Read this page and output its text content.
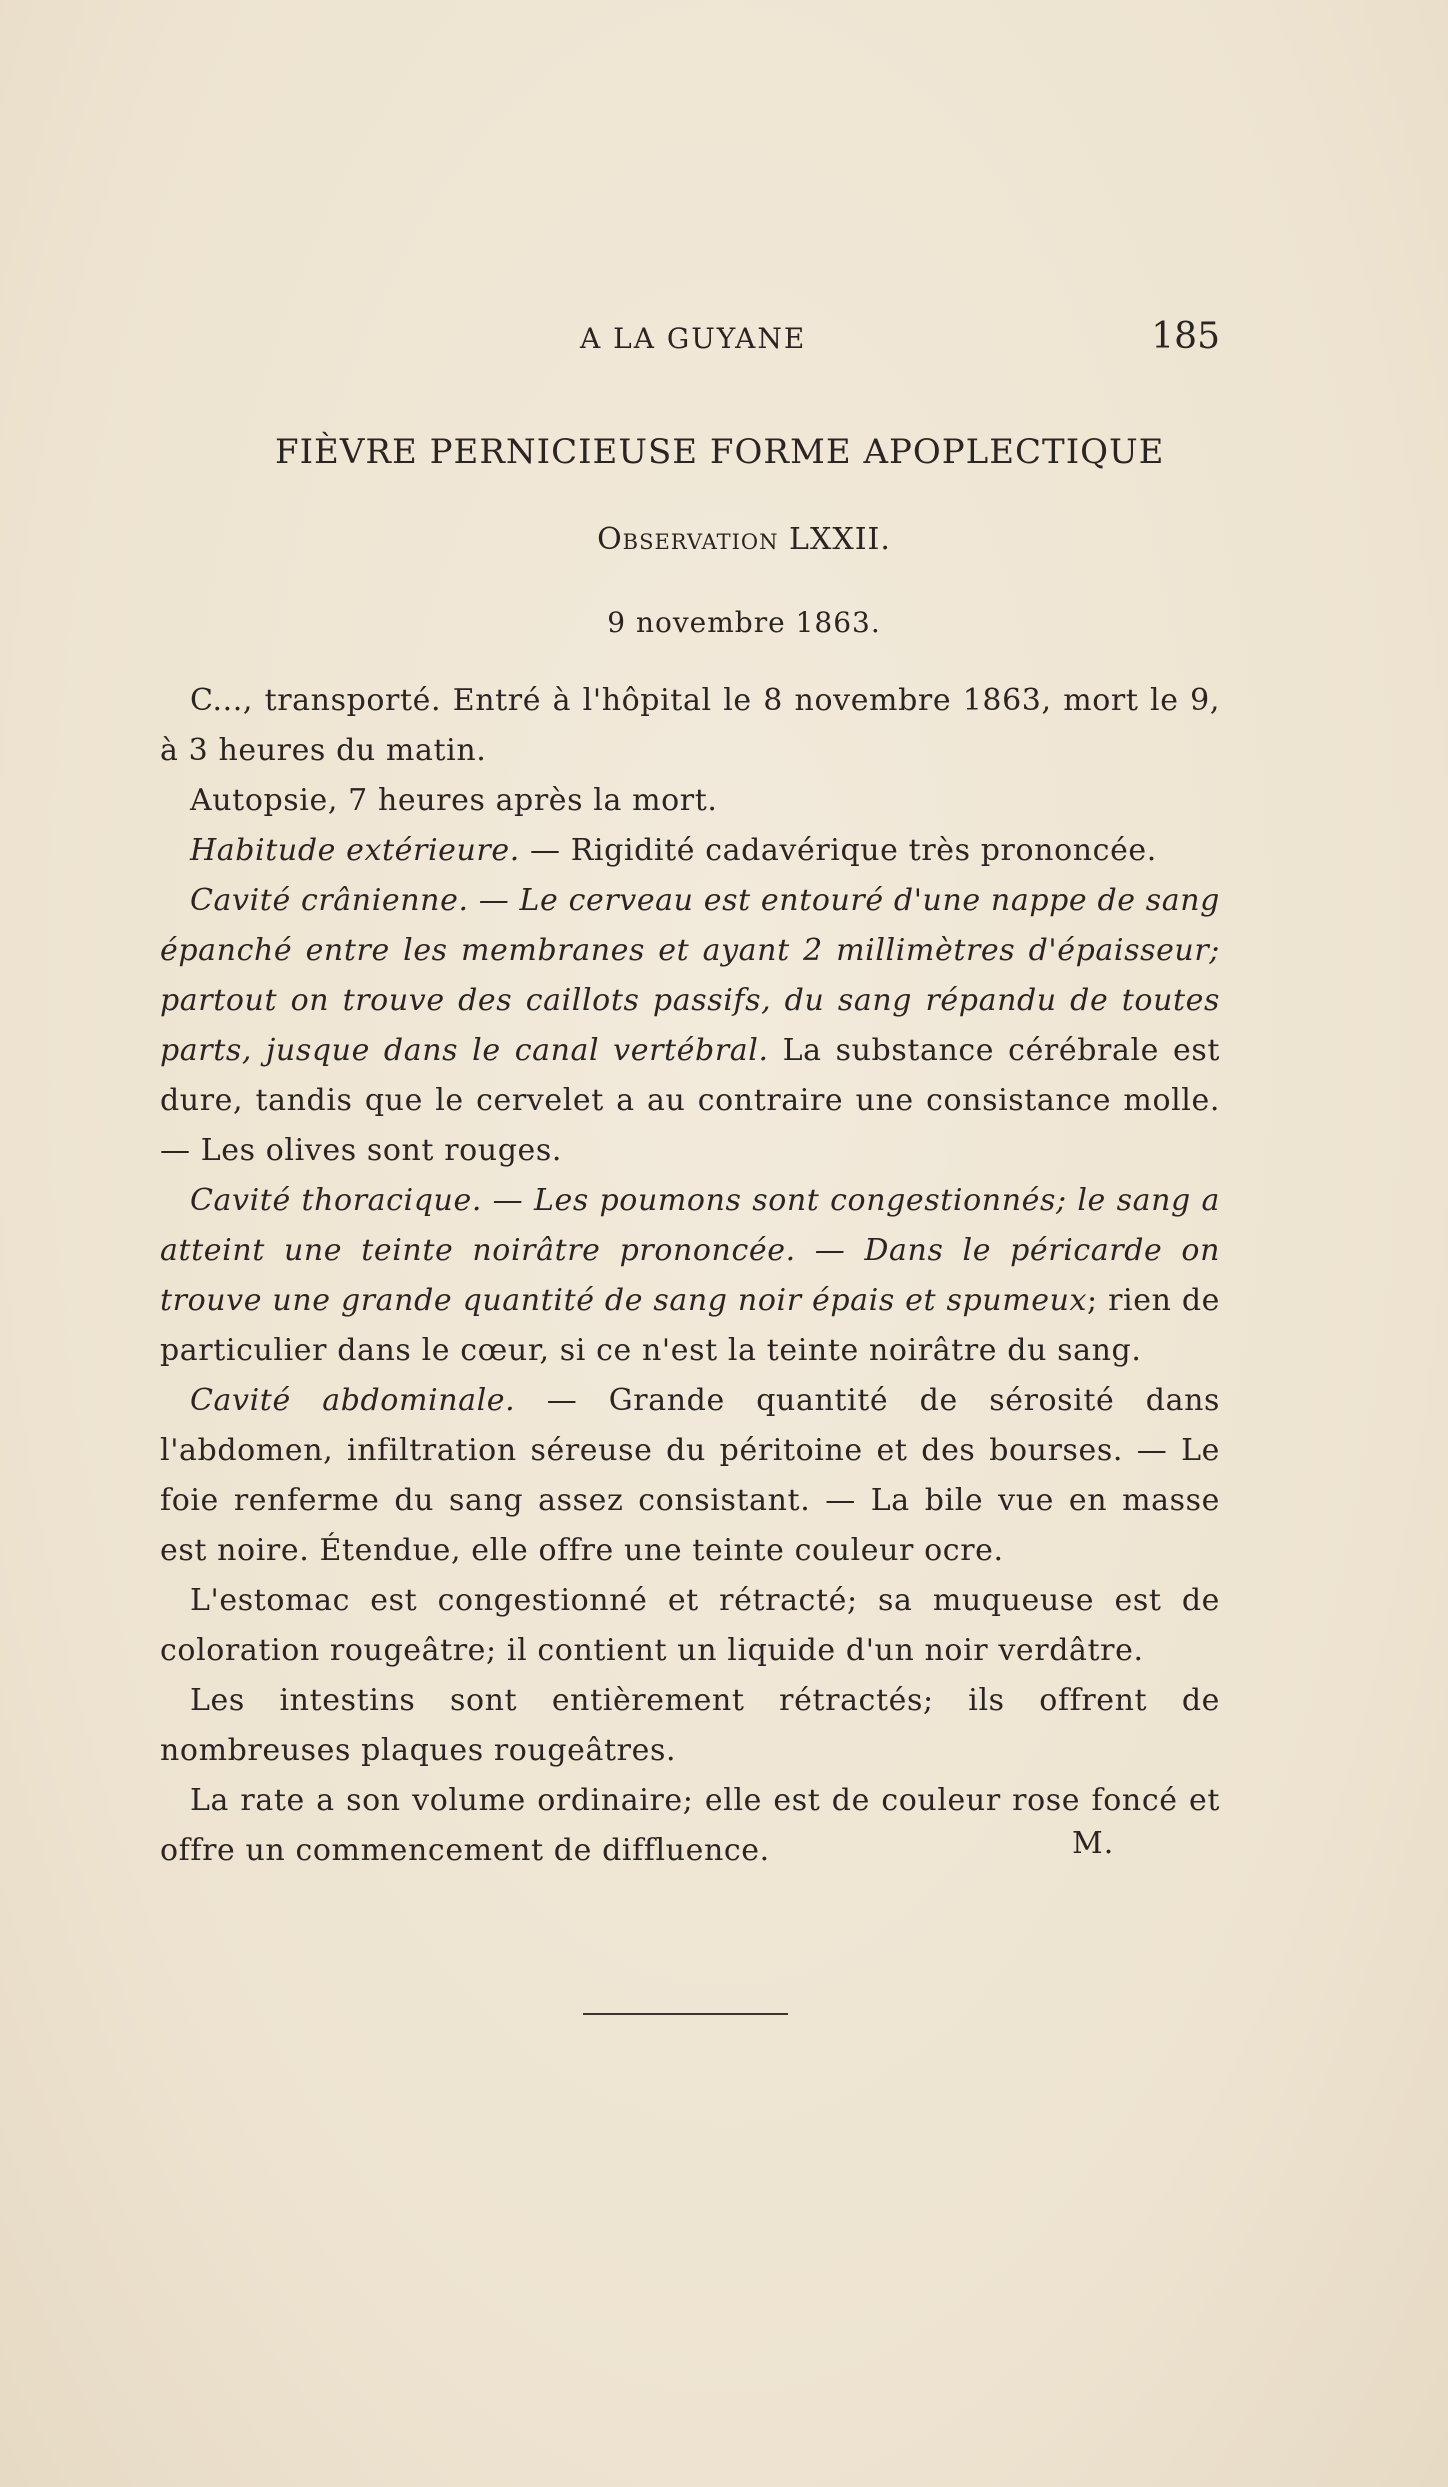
A LA GUYANE	185
FIÈVRE PERNICIEUSE FORME APOPLECTIQUE
Observation LXXII.
9 novembre 1863.

C..., transporté. Entré à l'hôpital le 8 novembre 1863, mort le 9, à 3 heures du matin.

Autopsie, 7 heures après la mort.

Habitude extérieure. — Rigidité cadavérique très prononcée.

Cavité crânienne. — Le cerveau est entouré d'une nappe de sang épanché entre les membranes et ayant 2 millimètres d'épaisseur; partout on trouve des caillots passifs, du sang répandu de toutes parts, jusque dans le canal vertébral. La substance cérébrale est dure, tandis que le cervelet a au contraire une consistance molle. — Les olives sont rouges.

Cavité thoracique. — Les poumons sont congestionnés; le sang a atteint une teinte noirâtre prononcée. — Dans le péricarde on trouve une grande quantité de sang noir épais et spumeux; rien de particulier dans le cœur, si ce n'est la teinte noirâtre du sang.

Cavité abdominale. — Grande quantité de sérosité dans l'abdomen, infiltration séreuse du péritoine et des bourses. — Le foie renferme du sang assez consistant. — La bile vue en masse est noire. Étendue, elle offre une teinte couleur ocre.

L'estomac est congestionné et rétracté; sa muqueuse est de coloration rougeâtre; il contient un liquide d'un noir verdâtre.

Les intestins sont entièrement rétractés; ils offrent de nombreuses plaques rougeâtres.

La rate a son volume ordinaire; elle est de couleur rose foncé et offre un commencement de diffluence.	M.
